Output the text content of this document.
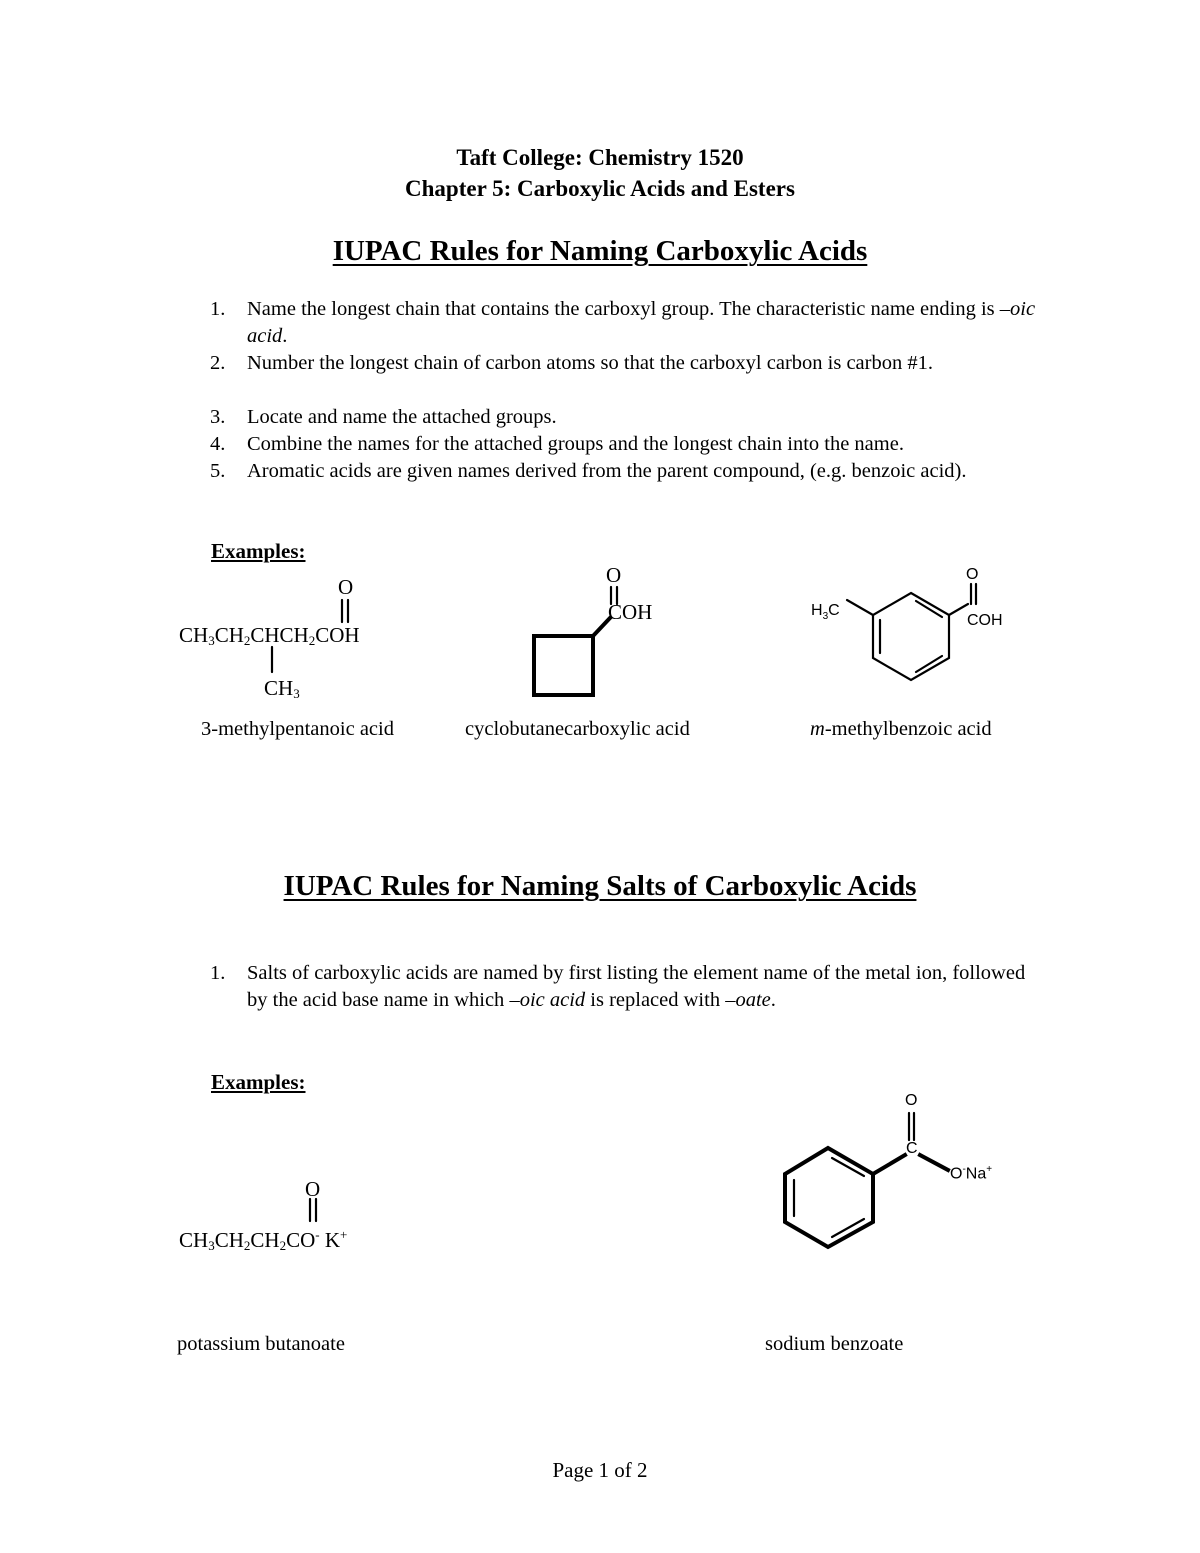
Taft College: Chemistry 1520
Chapter 5: Carboxylic Acids and Esters
IUPAC Rules for Naming Carboxylic Acids
1.	Name the longest chain that contains the carboxyl group. The characteristic name ending is –oic acid.
2.	Number the longest chain of carbon atoms so that the carboxyl carbon is carbon #1.
3.	Locate and name the attached groups.
4.	Combine the names for the attached groups and the longest chain into the name.
5.	Aromatic acids are given names derived from the parent compound, (e.g. benzoic acid).
Examples:
O
$CH_3CH_2CHCH_2COH$
$CH_3$
3-methylpentanoic acid
O
COH
cyclobutanecarboxylic acid
O
COH
$H_3C$
m-methylbenzoic acid
IUPAC Rules for Naming Salts of Carboxylic Acids
1.	Salts of carboxylic acids are named by first listing the element name of the metal ion, followed by the acid base name in which –oic acid is replaced with –oate.
Examples:
O
$CH_3CH_2CH_2CO^-$ K+
potassium butanoate
O
C
O-Na+
sodium benzoate
Page 1 of 2
